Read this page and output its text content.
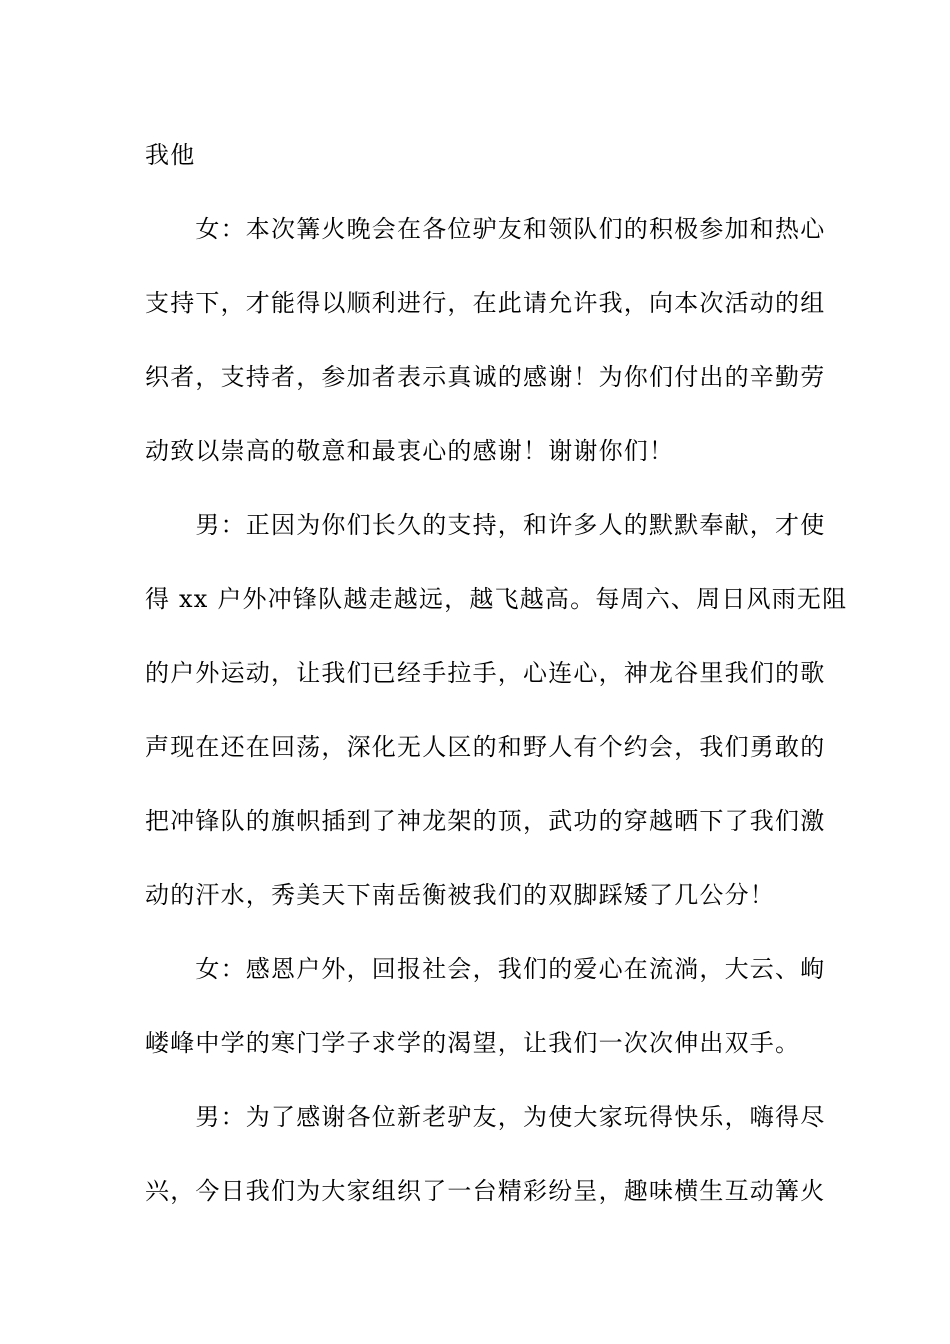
我他
　　女：本次篝火晚会在各位驴友和领队们的积极参加和热心
支持下，才能得以顺利进行，在此请允许我，向本次活动的组
织者，支持者，参加者表示真诚的感谢！为你们付出的辛勤劳
动致以崇高的敬意和最衷心的感谢！谢谢你们！
　　男：正因为你们长久的支持，和许多人的默默奉献，才使
得 xx 户外冲锋队越走越远，越飞越高。每周六、周日风雨无阻
的户外运动，让我们已经手拉手，心连心，神龙谷里我们的歌
声现在还在回荡，深化无人区的和野人有个约会，我们勇敢的
把冲锋队的旗帜插到了神龙架的顶，武功的穿越晒下了我们激
动的汗水，秀美天下南岳衡被我们的双脚踩矮了几公分！
　　女：感恩户外，回报社会，我们的爱心在流淌，大云、岣
嵝峰中学的寒门学子求学的渴望，让我们一次次伸出双手。
　　男：为了感谢各位新老驴友，为使大家玩得快乐，嗨得尽
兴，今日我们为大家组织了一台精彩纷呈，趣味横生互动篝火
